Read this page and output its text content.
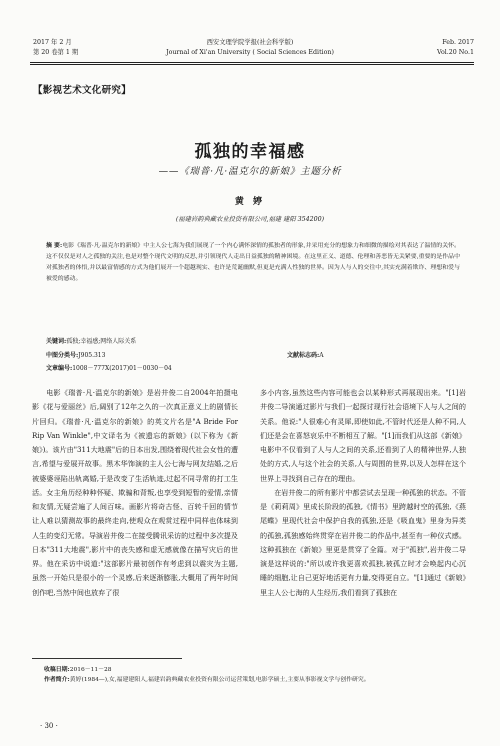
2017 年 2 月
第 20 卷第 1 期
西安文理学院学报(社会科学版)
Journal of Xi'an University ( Social Sciences Edition)
Feb. 2017
Vol.20 No.1
【影视艺术文化研究】
孤独的幸福感
——《瑞普·凡·温克尔的新娘》主题分析
黄 婷
(福建岩韵典藏农业投资有限公司,福建 建阳 354200)
摘 要:电影《瑞普·凡·温克尔的新娘》中主人公七海为我们展现了一个内心满怀深情的孤独者的形象,并采用充分的想象力和细微的描绘对其表达了温情的关怀。这不仅仅是对人之孤独的关注,也是对整个现代文明的反思,并引领现代人走出日益孤独的精神困境。在这里正义、道德、伦理和善恶皆无关紧要,重要的是作品中对孤独者的体悟,并以最富情感的方式为他们展开一个超越现实、也许是荒诞幽默,但更是充满人性独的世界。因为人与人的交往中,其实充满着欺诈、理想和爱与被爱的感动。
关键词:孤独;幸福感;网络人际关系
中图分类号:J905.313	文献标志码:A
文章编号:1008－777X(2017)01－0030－04

电影《瑞普·凡·温克尔的新娘》是岩井俊二自2004年拍摄电影《花与爱丽丝》后,阔别了12年之久的一次真正意义上的剧情长片回归。《瑞普·凡·温克尔的新娘》的英文片名是"A Bride For Rip Van Winkle",中文译名为《被遗忘的新娘》(以下称为《新娘》)。该片由"311大地震"后的日本出发,围绕着现代社会女性的遭言,希望与爱展开故事。黑木华饰演的主人公七海与网友结婚,之后被婆婆诬陷出轨离婚,于是改变了生活轨迹,过起不同寻常的打工生活。女主角历经种种怀疑、欺骗和背叛,也享受到短暂的爱情,亲情和友情,无疑尝遍了人间百味。画影片将奇古怪、百转千回的情节让人难以猜测故事的最终走向,使观众在观赏过程中同样也体味到人生的变幻无常。导演岩井俊二在接受腾讯采访的过程中多次提及日本"311大地震",影片中的丧失感和虚无感就像在描写灾后的世界。他在采访中说道:"这部影片最初创作有考虑到以震灾为主题,虽然一开始只是很小的一个灵感,后来逐渐膨胀,大概用了两年时间创作吧,当然中间也放弃了很

多小内容,虽然这些内容可能也会以某种形式再展现出来。"[1]岩井俊二导演通过影片与我们一起探讨现行社会语境下人与人之间的关系。他说:"人很难心有灵犀,即使如此,不管时代还是人种不同,人们还是会在喜怒哀乐中不断相互了解。"[1]而我们从这部《新娘》电影中不仅看到了人与人之间的关系,还看到了人的精神世界,人独处的方式,人与这个社会的关系,人与周围的世界,以及人怎样在这个世界上寻找到自己存在的理由。

在岩井俊二的所有影片中都尝试去呈现一种孤独的状态。不管是《莉莉周》里成长阶段的孤独,《情书》里跨越时空的孤独,《燕尾蝶》里现代社会中保护自我的孤独,还是《吸血鬼》里身为异类的孤独,孤独感始终贯穿在岩井俊二的作品中,甚至有一种仪式感。这种孤独在《新娘》里更是贯穿了全篇。对于"孤独",岩井俊二导演是这样说的:"所以或许我更喜欢孤独,被孤立时才会唤起内心沉睡的细胞,让自己更好地活更有力量,变得更自立。"[1]通过《新娘》里主人公七海的人生经历,我们看到了孤独在

收稿日期:2016－11－28
作者简介:黄婷(1984—),女,福建建阳人,福建岩韵典藏农业投资有限公司运营策划,电影学硕士,主要从事影视文学与创作研究。
· 30 ·
